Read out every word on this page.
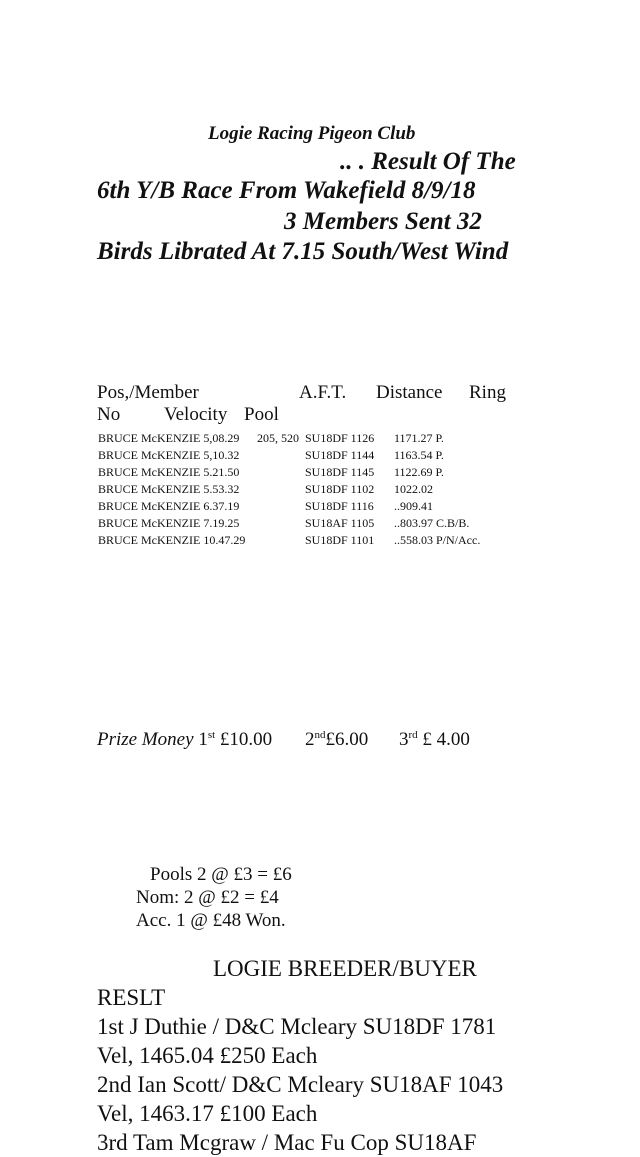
Logie Racing Pigeon Club
.. . Result Of The
6th Y/B Race From Wakefield 8/9/18
3 Members Sent 32
Birds Librated At 7.15 South/West Wind
Pos,/Member	A.F.T. Distance Ring
No Velocity Pool
BRUCE McKENZIE 5,08.29 205, 520 SU18DF 1126 1171.27 P.
BRUCE McKENZIE 5,10.32	SU18DF 1144 1163.54 P.
BRUCE McKENZIE 5.21.50	SU18DF 1145 1122.69 P.
BRUCE McKENZIE 5.53.32	SU18DF 1102 1022.02
BRUCE McKENZIE 6.37.19	SU18DF 1116 ..909.41
BRUCE McKENZIE 7.19.25	SU18AF 1105 ..803.97 C.B/B.
BRUCE McKENZIE 10.47.29	SU18DF 1101 ..558.03 P/N/Acc.
Prize Money 1st £10.00 2nd£6.00 3rd £ 4.00
Pools 2 @ £3 = £6
Nom: 2 @ £2 = £4
Acc. 1 @ £48 Won.
LOGIE BREEDER/BUYER
RESLT
1st J Duthie / D&C Mcleary SU18DF 1781
Vel, 1465.04 £250 Each
2nd Ian Scott/ D&C Mcleary SU18AF 1043
Vel, 1463.17 £100 Each
3rd Tam Mcgraw / Mac Fu Cop SU18AF
